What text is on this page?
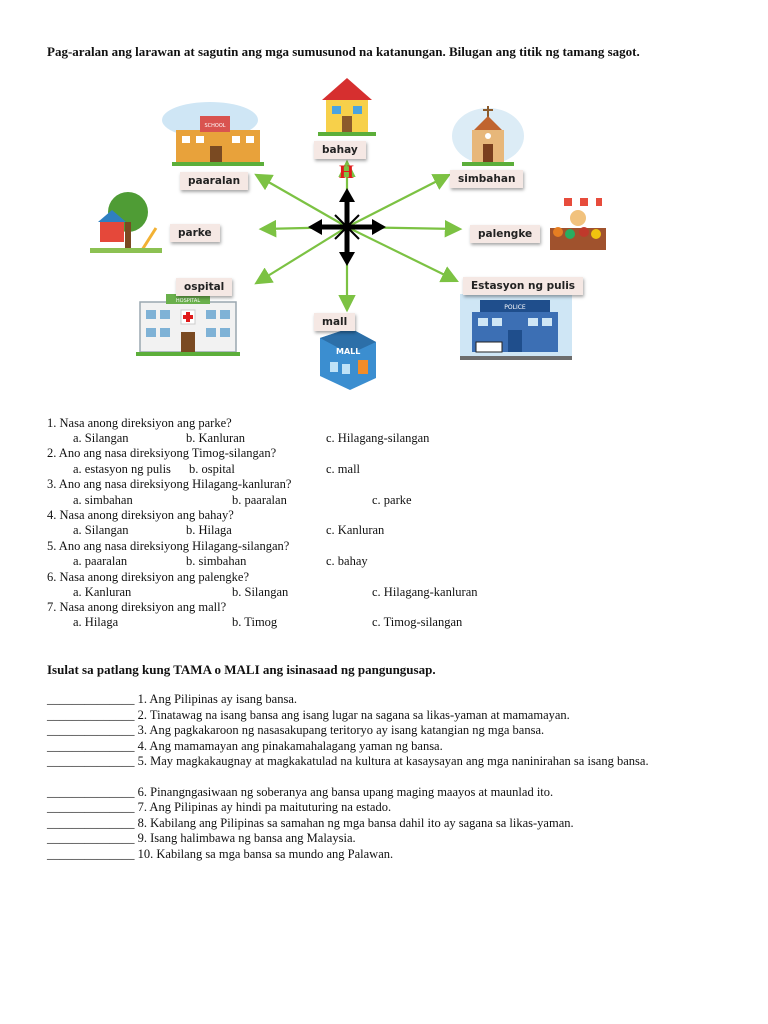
Pag-aralan ang larawan at sagutin ang mga sumusunod na katanungan. Bilugan ang titik ng tamang sagot.
SCHOOL
HOSPITAL
MALL
POLICE
H
bahay
paaralan	simbahan
parke	palengke
ospital
mall
Estasyon ng pulis
1. Nasa anong direksiyon ang parke?
a. Silangan	b. Kanluran	c. Hilagang-silangan
2. Ano ang nasa direksiyong Timog-silangan?
a. estasyon ng pulis b. ospital	c. mall
3. Ano ang nasa direksiyong Hilagang-kanluran?
a. simbahan	b. paaralan	c. parke
4. Nasa anong direksiyon ang bahay?
a. Silangan	b. Hilaga	c. Kanluran
5. Ano ang nasa direksiyong Hilagang-silangan?
a. paaralan	b. simbahan	c. bahay
6. Nasa anong direksiyon ang palengke?
a. Kanluran	b. Silangan	c. Hilagang-kanluran
7. Nasa anong direksiyon ang mall?
a. Hilaga	b. Timog	c. Timog-silangan
Isulat sa patlang kung TAMA o MALI ang isinasaad ng pangungusap.
______________ 1. Ang Pilipinas ay isang bansa.
______________ 2. Tinatawag na isang bansa ang isang lugar na sagana sa likas-yaman at mamamayan.
______________ 3. Ang pagkakaroon ng nasasakupang teritoryo ay isang katangian ng mga bansa.
______________ 4. Ang mamamayan ang pinakamahalagang yaman ng bansa.
______________ 5. May magkakaugnay at magkakatulad na kultura at kasaysayan ang mga naninirahan sa isang bansa.
______________ 6. Pinangngasiwaan ng soberanya ang bansa upang maging maayos at maunlad ito.
______________ 7. Ang Pilipinas ay hindi pa maituturing na estado.
______________ 8. Kabilang ang Pilipinas sa samahan ng mga bansa dahil ito ay sagana sa likas-yaman.
______________ 9. Isang halimbawa ng bansa ang Malaysia.
______________ 10. Kabilang sa mga bansa sa mundo ang Palawan.
